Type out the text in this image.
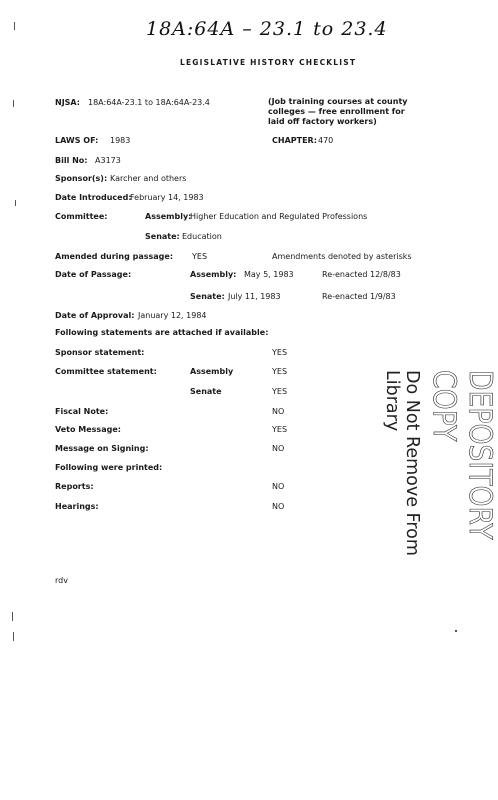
18A:64A – 23.1 to 23.4
LEGISLATIVE HISTORY CHECKLIST
NJSA: 18A:64A-23.1 to 18A:64A-23.4	(Job training courses at county colleges — free enrollment for laid off factory workers)
LAWS OF: 1983	CHAPTER: 470
Bill No: A3173
Sponsor(s): Karcher and others
Date Introduced:
February 14, 1983
Committee:	Assembly:
Higher Education and Regulated Professions
Senate: Education
Amended during passage: YES	Amendments denoted by asterisks
Date of Passage:	Assembly: May 5, 1983	Re-enacted 12/8/83
Senate: July 11, 1983	Re-enacted 1/9/83
Date of Approval: January 12, 1984
Following statements are attached if available:
Sponsor statement:	YES
Committee statement:	Assembly	YES
Senate	YES
Fiscal Note:	NO
Veto Message:	YES
Message on Signing:	NO
Following were printed:
Reports:	NO
Hearings:	NO
rdv
DEPOSITORY COPY
Do Not Remove From Library
